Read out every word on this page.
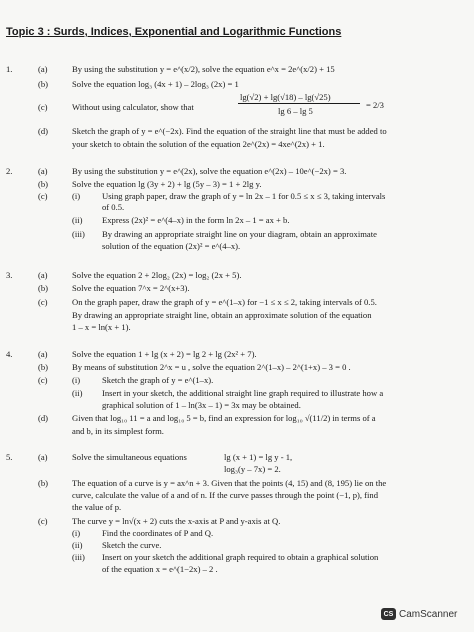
Topic 3 : Surds, Indices, Exponential and Logarithmic Functions
1.	(a)	By using the substitution y = e^(x/2), solve the equation e^x = 2e^(x/2) + 15
(b)	Solve the equation log₃ (4x + 1) – 2log₃ (2x) = 1
(c)	Without using calculator, show that
lg(√2) + lg(√18) – lg(√25)
lg 6 – lg 5
= 2/3
(d)	Sketch the graph of y = e^(−2x). Find the equation of the straight line that must be added to
your sketch to obtain the solution of the equation 2e^(2x) = 4xe^(2x) + 1.
2.	(a)	By using the substitution y = e^(2x), solve the equation e^(2x) – 10e^(−2x) = 3.
(b)	Solve the equation lg (3y + 2) + lg (5y – 3) = 1 + 2lg y.
(c)	(i)	Using graph paper, draw the graph of y = ln 2x – 1 for 0.5 ≤ x ≤ 3, taking intervals
of 0.5.
(ii) Express (2x)² = e^(4–x) in the form ln 2x – 1 = ax + b.
(iii) By drawing an appropriate straight line on your diagram, obtain an approximate
solution of the equation (2x)² = e^(4–x).
3.	(a)	Solve the equation 2 + 2log₂ (2x) = log₂ (2x + 5).
(b)	Solve the equation 7^x = 2^(x+3).
(c)	On the graph paper, draw the graph of y = e^(1–x) for −1 ≤ x ≤ 2, taking intervals of 0.5.
By drawing an appropriate straight line, obtain an approximate solution of the equation
1 – x = ln(x + 1).
4.	(a)	Solve the equation 1 + lg (x + 2) = lg 2 + lg (2x² + 7).
(b)	By means of substitution 2^x = u , solve the equation 2^(1–x) – 2^(1+x) – 3 = 0 .
(c)	(i)	Sketch the graph of y = e^(1–x).
(ii) Insert in your sketch, the additional straight line graph required to illustrate how a
graphical solution of 1 – ln(3x – 1) = 3x may be obtained.
(d)	Given that log₁₀ 11 = a and log₁₀ 5 = b, find an expression for log₁₀ √(11/2) in terms of a
and b, in its simplest form.
5.	(a)	Solve the simultaneous equations	lg (x + 1) = lg y - 1,
log₃(y – 7x) = 2.
(b)	The equation of a curve is y = ax^n + 3. Given that the points (4, 15) and (8, 195) lie on the
curve, calculate the value of a and of n. If the curve passes through the point (−1, p), find
the value of p.
(c)	The curve y = ln√(x + 2) cuts the x-axis at P and y-axis at Q.
(i)	Find the coordinates of P and Q.
(ii) Sketch the curve.
(iii) Insert on your sketch the additional graph required to obtain a graphical solution
of the equation x = e^(1−2x) – 2 .
CS CamScanner
